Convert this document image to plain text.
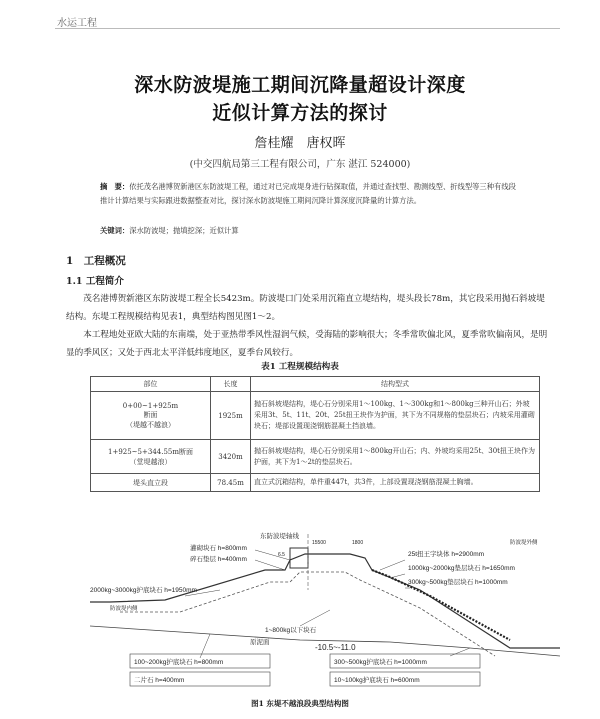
水运工程
深水防波堤施工期间沉降量超设计深度
近似计算方法的探讨
詹桂耀　唐权晖
(中交四航局第三工程有限公司，广东 湛江 524000)
摘　要：依托茂名港博贺新港区东防波堤工程，通过对已完成堤身进行钻探取值，并通过查找型、勘测线型、折线型等三种有线段推计计算结果与实际跟进数据整查对比，探讨深水防波堤施工期间沉降计算深度沉降量的计算方法。
关键词：深水防波堤；抛填挖深；近似计算
1　工程概况
1.1 工程简介
茂名港博贺新港区东防波堤工程全长5423m。防波堤口门处采用沉箱直立堤结构，堤头段长78m，其它段采用抛石斜坡堤结构。东堤工程规模结构见表1，典型结构图见图1～2。
本工程地处亚欧大陆的东南端，处于亚热带季风性湿润气候，受海陆的影响很大；冬季常吹偏北风，夏季常吹偏南风，是明显的季风区；又处于西北太平洋低纬度地区，夏季台风较行。
表1 工程规模结构表
部位	长度	结构型式

0+00~1+925m
断面
（堤越不越浪）	1925m	抛石斜坡堤结构，堤心石分别采用1～100kg、1～300kg和1～800kg三种开山石；外坡采用3t、5t、11t、20t、25t扭王块作为护面，其下为不同规格的垫层块石；内坡采用灌砌块石；堤部设置现浇钢筋混凝土挡浪墙。

1+925~5+344.55m断面
（堂堤越浪）	3420m	抛石斜坡堤结构，堤心石分别采用1～800kg开山石；内、外坡均采用25t、30t扭王块作为护面，其下为1～2t的垫层块石。

堤头直立段	78.45m	直立式沉箱结构，单件重447t，共3件，上部设置现浇钢筋混凝土胸墙。
东防波堤轴线
15500	1800
6.5
灌砌块石 h=800mm
碎石垫层 h=400mm
2000kg~3000kg护底块石 h=1950mm
防波堤内侧
防波堤外侧
25t扭王字块体 h=2900mm
1000kg~2000kg垫层块石 h=1650mm
300kg~500kg垫层块石 h=1000mm
1~800kg以下块石
原泥面
-10.5~-11.0
100~200kg护底块石 h=800mm
二片石 h=400mm
300~500kg护底块石 h=1000mm
10~100kg护底块石 h=600mm
图1 东堤不越浪段典型结构图
